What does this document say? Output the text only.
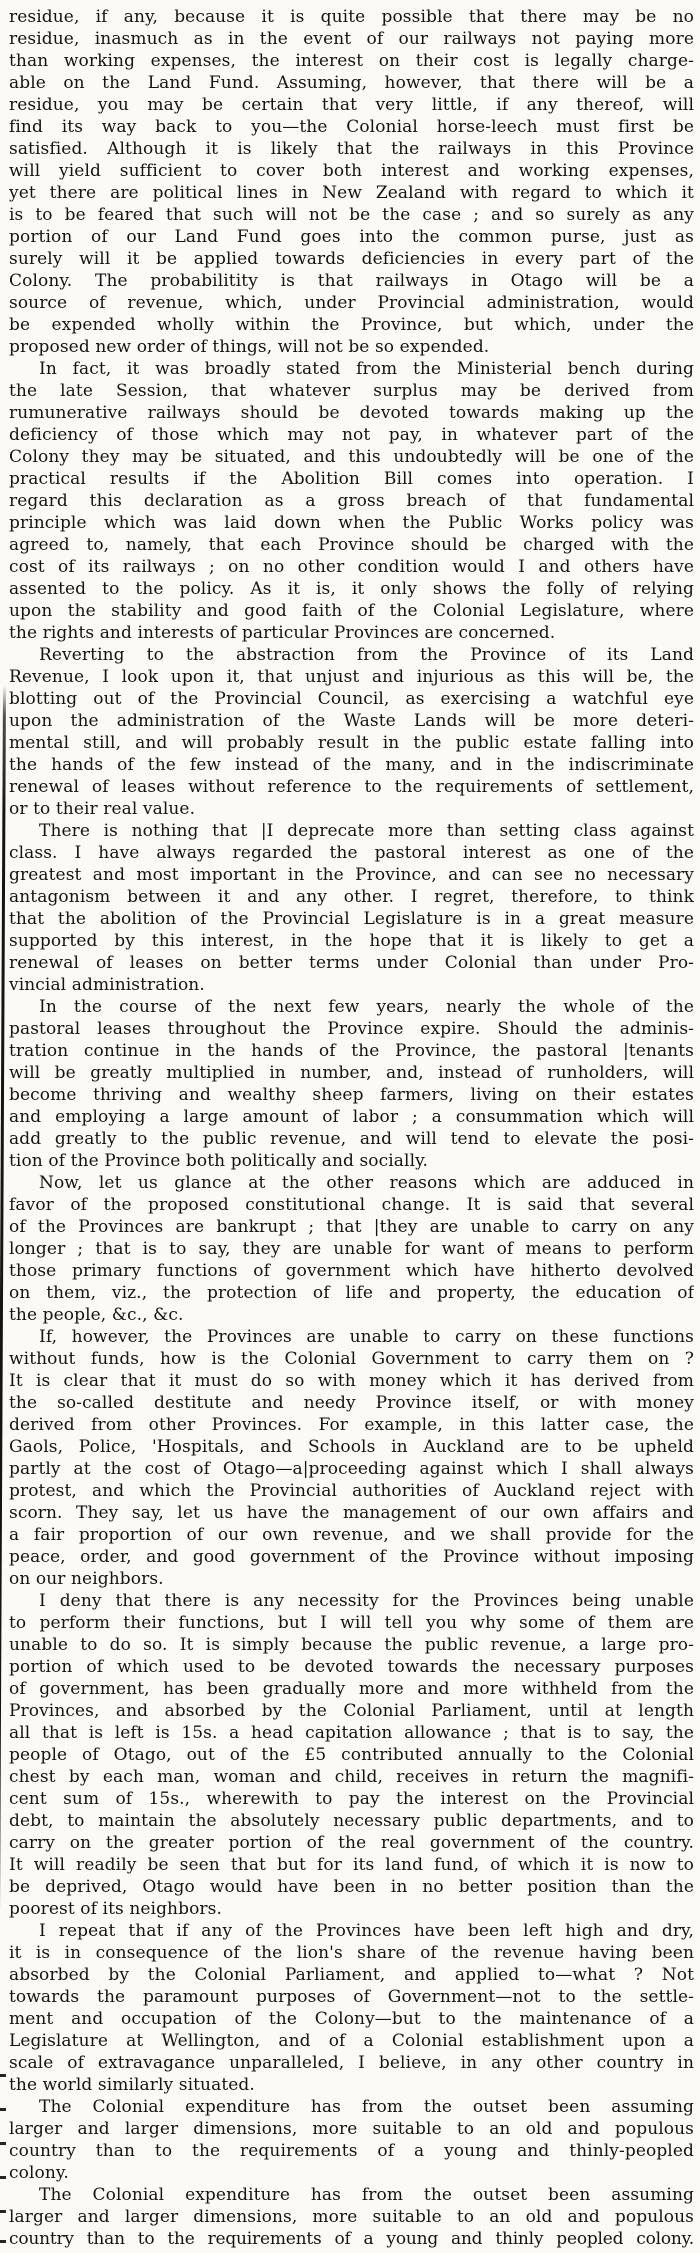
residue, if any, because it is quite possible that there may be no
residue, inasmuch as in the event of our railways not paying more
than working expenses, the interest on their cost is legally charge-
able on the Land Fund. Assuming, however, that there will be a
residue, you may be certain that very little, if any thereof, will
find its way back to you—the Colonial horse-leech must first be
satisfied. Although it is likely that the railways in this Province
will yield sufficient to cover both interest and working expenses,
yet there are political lines in New Zealand with regard to which it
is to be feared that such will not be the case ; and so surely as any
portion of our Land Fund goes into the common purse, just as
surely will it be applied towards deficiencies in every part of the
Colony. The probabilitity is that railways in Otago will be a
source of revenue, which, under Provincial administration, would
be expended wholly within the Province, but which, under the
proposed new order of things, will not be so expended.
In fact, it was broadly stated from the Ministerial bench during
the late Session, that whatever surplus may be derived from
rumunerative railways should be devoted towards making up the
deficiency of those which may not pay, in whatever part of the
Colony they may be situated, and this undoubtedly will be one of the
practical results if the Abolition Bill comes into operation. I
regard this declaration as a gross breach of that fundamental
principle which was laid down when the Public Works policy was
agreed to, namely, that each Province should be charged with the
cost of its railways ; on no other condition would I and others have
assented to the policy. As it is, it only shows the folly of relying
upon the stability and good faith of the Colonial Legislature, where
the rights and interests of particular Provinces are concerned.
Reverting to the abstraction from the Province of its Land
Revenue, I look upon it, that unjust and injurious as this will be, the
blotting out of the Provincial Council, as exercising a watchful eye
upon the administration of the Waste Lands will be more deteri-
mental still, and will probably result in the public estate falling into
the hands of the few instead of the many, and in the indiscriminate
renewal of leases without reference to the requirements of settlement,
or to their real value.
There is nothing that |I deprecate more than setting class against
class. I have always regarded the pastoral interest as one of the
greatest and most important in the Province, and can see no necessary
antagonism between it and any other. I regret, therefore, to think
that the abolition of the Provincial Legislature is in a great measure
supported by this interest, in the hope that it is likely to get a
renewal of leases on better terms under Colonial than under Pro-
vincial administration.
In the course of the next few years, nearly the whole of the
pastoral leases throughout the Province expire. Should the adminis-
tration continue in the hands of the Province, the pastoral |tenants
will be greatly multiplied in number, and, instead of runholders, will
become thriving and wealthy sheep farmers, living on their estates
and employing a large amount of labor ; a consummation which will
add greatly to the public revenue, and will tend to elevate the posi-
tion of the Province both politically and socially.
Now, let us glance at the other reasons which are adduced in
favor of the proposed constitutional change. It is said that several
of the Provinces are bankrupt ; that |they are unable to carry on any
longer ; that is to say, they are unable for want of means to perform
those primary functions of government which have hitherto devolved
on them, viz., the protection of life and property, the education of
the people, &c., &c.
If, however, the Provinces are unable to carry on these functions
without funds, how is the Colonial Government to carry them on ?
It is clear that it must do so with money which it has derived from
the so-called destitute and needy Province itself, or with money
derived from other Provinces. For example, in this latter case, the
Gaols, Police, 'Hospitals, and Schools in Auckland are to be upheld
partly at the cost of Otago—a|proceeding against which I shall always
protest, and which the Provincial authorities of Auckland reject with
scorn. They say, let us have the management of our own affairs and
a fair proportion of our own revenue, and we shall provide for the
peace, order, and good government of the Province without imposing
on our neighbors.
I deny that there is any necessity for the Provinces being unable
to perform their functions, but I will tell you why some of them are
unable to do so. It is simply because the public revenue, a large pro-
portion of which used to be devoted towards the necessary purposes
of government, has been gradually more and more withheld from the
Provinces, and absorbed by the Colonial Parliament, until at length
all that is left is 15s. a head capitation allowance ; that is to say, the
people of Otago, out of the £5 contributed annually to the Colonial
chest by each man, woman and child, receives in return the magnifi-
cent sum of 15s., wherewith to pay the interest on the Provincial
debt, to maintain the absolutely necessary public departments, and to
carry on the greater portion of the real government of the country.
It will readily be seen that but for its land fund, of which it is now to
be deprived, Otago would have been in no better position than the
poorest of its neighbors.
I repeat that if any of the Provinces have been left high and dry,
it is in consequence of the lion's share of the revenue having been
absorbed by the Colonial Parliament, and applied to—what ? Not
towards the paramount purposes of Government—not to the settle-
ment and occupation of the Colony—but to the maintenance of a
Legislature at Wellington, and of a Colonial establishment upon a
scale of extravagance unparalleled, I believe, in any other country in
the world similarly situated.
The Colonial expenditure has from the outset been assuming
larger and larger dimensions, more suitable to an old and populous
country than to the requirements of a young and thinly-peopled
colony.
The Colonial expenditure has from the outset been assuming
larger and larger dimensions, more suitable to an old and populous
country than to the requirements of a young and thinly peopled colony.
